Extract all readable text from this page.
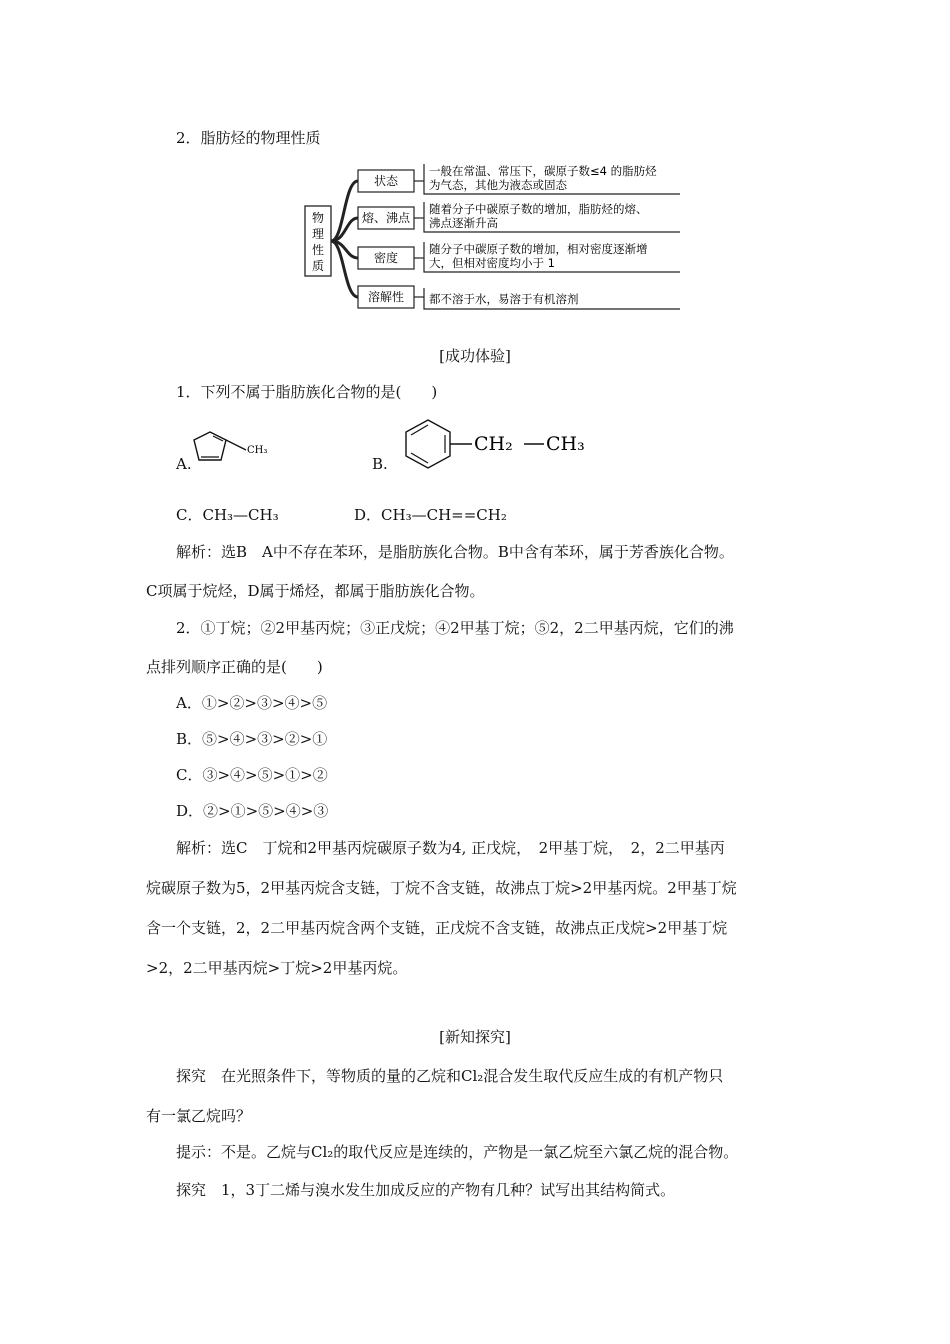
2．脂肪烃的物理性质
物
理
性
质
状态
熔、沸点
密度
溶解性
一般在常温、常压下，碳原子数≤4 的脂肪烃
为气态，其他为液态或固态
随着分子中碳原子数的增加，脂肪烃的熔、
沸点逐渐升高
随分子中碳原子数的增加，相对密度逐渐增
大，但相对密度均小于 1
都不溶于水，易溶于有机溶剂
[成功体验]
1．下列不属于脂肪族化合物的是(　　)
A.
CH₃
B.
CH₂ CH₃
C．CH₃—CH₃	D．CH₃—CH==CH₂
解析：选B　A中不存在苯环，是脂肪族化合物。B中含有苯环，属于芳香族化合物。
C项属于烷烃，D属于烯烃，都属于脂肪族化合物。
2．①丁烷；②2甲基丙烷；③正戊烷；④2甲基丁烷；⑤2，2二甲基丙烷，它们的沸
点排列顺序正确的是(　　)
A．①>②>③>④>⑤
B．⑤>④>③>②>①
C．③>④>⑤>①>②
D．②>①>⑤>④>③
解析：选C　丁烷和2甲基丙烷碳原子数为4, 正戊烷，　2甲基丁烷，　2，2二甲基丙
烷碳原子数为5，2甲基丙烷含支链，丁烷不含支链，故沸点丁烷>2甲基丙烷。2甲基丁烷
含一个支链，2，2二甲基丙烷含两个支链，正戊烷不含支链，故沸点正戊烷>2甲基丁烷
>2，2二甲基丙烷>丁烷>2甲基丙烷。
[新知探究]
探究　在光照条件下，等物质的量的乙烷和Cl₂混合发生取代反应生成的有机产物只
有一氯乙烷吗？
提示：不是。乙烷与Cl₂的取代反应是连续的，产物是一氯乙烷至六氯乙烷的混合物。
探究　1，3丁二烯与溴水发生加成反应的产物有几种？试写出其结构简式。
